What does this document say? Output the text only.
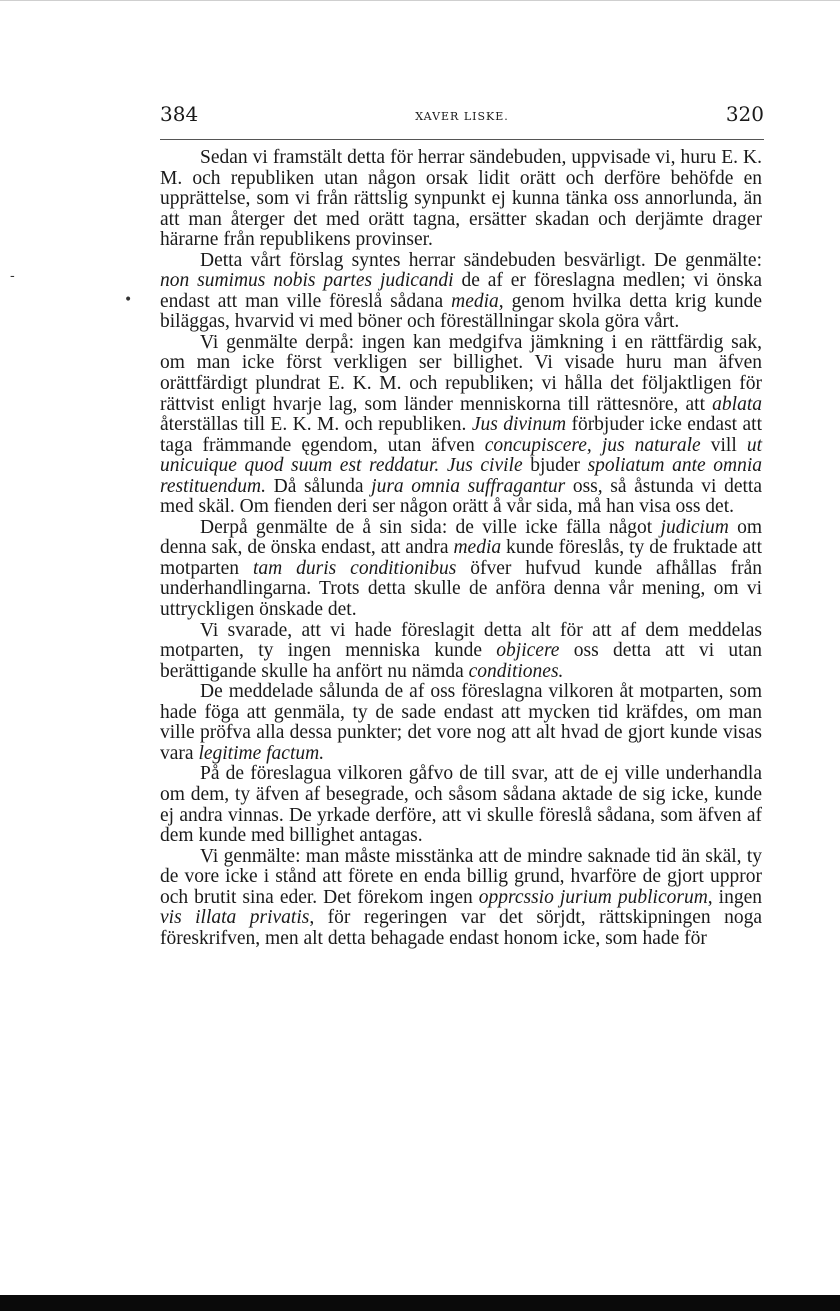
-
•
384	XAVER LISKE.	320

Sedan vi framstält detta för herrar sändebuden, uppvisade vi, huru E. K. M. och republiken utan någon orsak lidit orätt och derföre behöfde en upprättelse, som vi från rättslig synpunkt ej kunna tänka oss annorlunda, än att man återger det med orätt tagna, ersätter skadan och derjämte drager härarne från republikens provinser.

Detta vårt förslag syntes herrar sändebuden besvärligt. De genmälte: non sumimus nobis partes judicandi de af er föreslagna medlen; vi önska endast att man ville föreslå sådana media, genom hvilka detta krig kunde biläggas, hvarvid vi med böner och föreställningar skola göra vårt.

Vi genmälte derpå: ingen kan medgifva jämkning i en rättfärdig sak, om man icke först verkligen ser billighet. Vi visade huru man äfven orättfärdigt plundrat E. K. M. och republiken; vi hålla det följaktligen för rättvist enligt hvarje lag, som länder menniskorna till rättesnöre, att ablata återställas till E. K. M. och republiken. Jus divinum förbjuder icke endast att taga främmande ęgendom, utan äfven concupiscere, jus naturale vill ut unicuique quod suum est reddatur. Jus civile bjuder spoliatum ante omnia restituendum. Då sålunda jura omnia suffragantur oss, så åstunda vi detta med skäl. Om fienden deri ser någon orätt å vår sida, må han visa oss det.

Derpå genmälte de å sin sida: de ville icke fälla något judicium om denna sak, de önska endast, att andra media kunde föreslås, ty de fruktade att motparten tam duris conditionibus öfver hufvud kunde afhållas från underhandlingarna. Trots detta skulle de anföra denna vår mening, om vi uttryckligen önskade det.

Vi svarade, att vi hade föreslagit detta alt för att af dem meddelas motparten, ty ingen menniska kunde objicere oss detta att vi utan berättigande skulle ha anfört nu nämda conditiones.

De meddelade sålunda de af oss föreslagna vilkoren åt motparten, som hade föga att genmäla, ty de sade endast att mycken tid kräfdes, om man ville pröfva alla dessa punkter; det vore nog att alt hvad de gjort kunde visas vara legitime factum.

På de föreslagua vilkoren gåfvo de till svar, att de ej ville underhandla om dem, ty äfven af besegrade, och såsom sådana aktade de sig icke, kunde ej andra vinnas. De yrkade derföre, att vi skulle föreslå sådana, som äfven af dem kunde med billighet antagas.

Vi genmälte: man måste misstänka att de mindre saknade tid än skäl, ty de vore icke i stånd att förete en enda billig grund, hvarföre de gjort uppror och brutit sina eder. Det förekom ingen opprcssio jurium publicorum, ingen vis illata privatis, för regeringen var det sörjdt, rättskipningen noga föreskrifven, men alt detta behagade endast honom icke, som hade för
